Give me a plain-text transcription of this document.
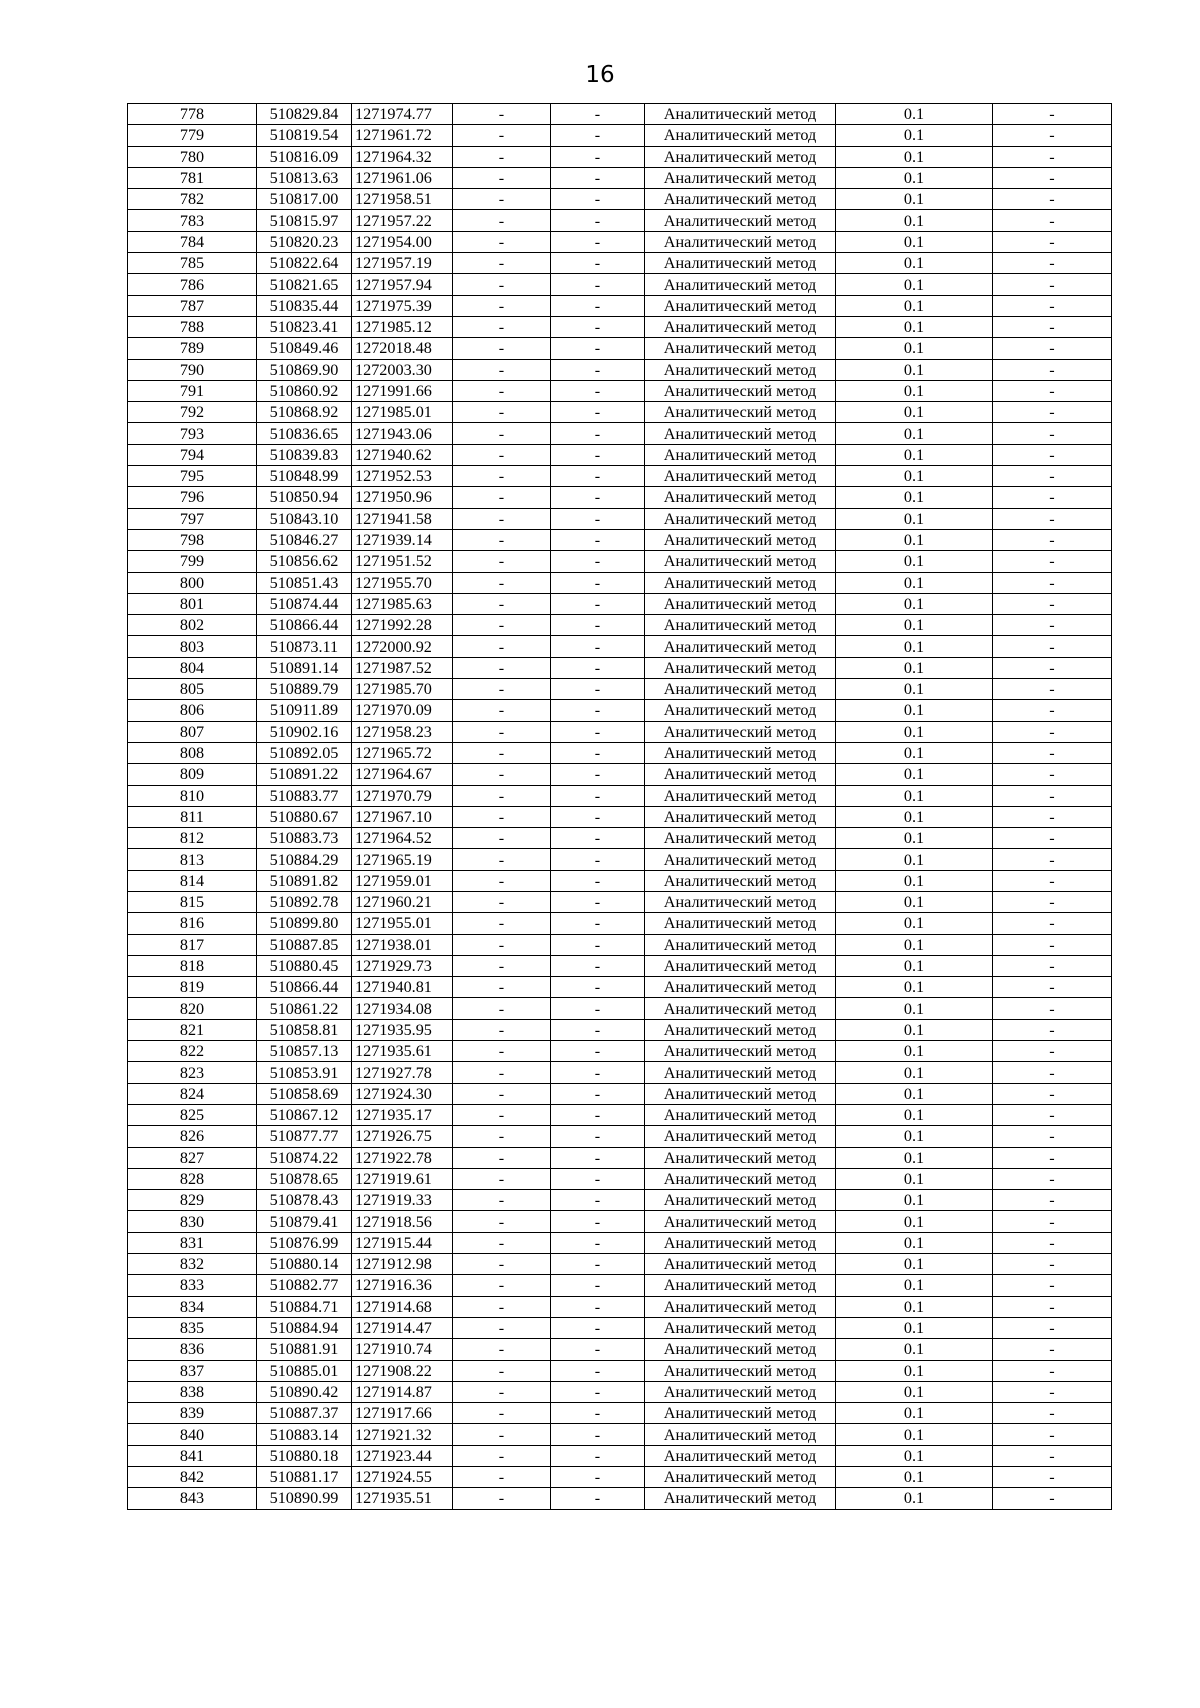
16
778	510829.84	1271974.77	-	-	Аналитический метод	0.1	-
779	510819.54	1271961.72	-	-	Аналитический метод	0.1	-
780	510816.09	1271964.32	-	-	Аналитический метод	0.1	-
781	510813.63	1271961.06	-	-	Аналитический метод	0.1	-
782	510817.00	1271958.51	-	-	Аналитический метод	0.1	-
783	510815.97	1271957.22	-	-	Аналитический метод	0.1	-
784	510820.23	1271954.00	-	-	Аналитический метод	0.1	-
785	510822.64	1271957.19	-	-	Аналитический метод	0.1	-
786	510821.65	1271957.94	-	-	Аналитический метод	0.1	-
787	510835.44	1271975.39	-	-	Аналитический метод	0.1	-
788	510823.41	1271985.12	-	-	Аналитический метод	0.1	-
789	510849.46	1272018.48	-	-	Аналитический метод	0.1	-
790	510869.90	1272003.30	-	-	Аналитический метод	0.1	-
791	510860.92	1271991.66	-	-	Аналитический метод	0.1	-
792	510868.92	1271985.01	-	-	Аналитический метод	0.1	-
793	510836.65	1271943.06	-	-	Аналитический метод	0.1	-
794	510839.83	1271940.62	-	-	Аналитический метод	0.1	-
795	510848.99	1271952.53	-	-	Аналитический метод	0.1	-
796	510850.94	1271950.96	-	-	Аналитический метод	0.1	-
797	510843.10	1271941.58	-	-	Аналитический метод	0.1	-
798	510846.27	1271939.14	-	-	Аналитический метод	0.1	-
799	510856.62	1271951.52	-	-	Аналитический метод	0.1	-
800	510851.43	1271955.70	-	-	Аналитический метод	0.1	-
801	510874.44	1271985.63	-	-	Аналитический метод	0.1	-
802	510866.44	1271992.28	-	-	Аналитический метод	0.1	-
803	510873.11	1272000.92	-	-	Аналитический метод	0.1	-
804	510891.14	1271987.52	-	-	Аналитический метод	0.1	-
805	510889.79	1271985.70	-	-	Аналитический метод	0.1	-
806	510911.89	1271970.09	-	-	Аналитический метод	0.1	-
807	510902.16	1271958.23	-	-	Аналитический метод	0.1	-
808	510892.05	1271965.72	-	-	Аналитический метод	0.1	-
809	510891.22	1271964.67	-	-	Аналитический метод	0.1	-
810	510883.77	1271970.79	-	-	Аналитический метод	0.1	-
811	510880.67	1271967.10	-	-	Аналитический метод	0.1	-
812	510883.73	1271964.52	-	-	Аналитический метод	0.1	-
813	510884.29	1271965.19	-	-	Аналитический метод	0.1	-
814	510891.82	1271959.01	-	-	Аналитический метод	0.1	-
815	510892.78	1271960.21	-	-	Аналитический метод	0.1	-
816	510899.80	1271955.01	-	-	Аналитический метод	0.1	-
817	510887.85	1271938.01	-	-	Аналитический метод	0.1	-
818	510880.45	1271929.73	-	-	Аналитический метод	0.1	-
819	510866.44	1271940.81	-	-	Аналитический метод	0.1	-
820	510861.22	1271934.08	-	-	Аналитический метод	0.1	-
821	510858.81	1271935.95	-	-	Аналитический метод	0.1	-
822	510857.13	1271935.61	-	-	Аналитический метод	0.1	-
823	510853.91	1271927.78	-	-	Аналитический метод	0.1	-
824	510858.69	1271924.30	-	-	Аналитический метод	0.1	-
825	510867.12	1271935.17	-	-	Аналитический метод	0.1	-
826	510877.77	1271926.75	-	-	Аналитический метод	0.1	-
827	510874.22	1271922.78	-	-	Аналитический метод	0.1	-
828	510878.65	1271919.61	-	-	Аналитический метод	0.1	-
829	510878.43	1271919.33	-	-	Аналитический метод	0.1	-
830	510879.41	1271918.56	-	-	Аналитический метод	0.1	-
831	510876.99	1271915.44	-	-	Аналитический метод	0.1	-
832	510880.14	1271912.98	-	-	Аналитический метод	0.1	-
833	510882.77	1271916.36	-	-	Аналитический метод	0.1	-
834	510884.71	1271914.68	-	-	Аналитический метод	0.1	-
835	510884.94	1271914.47	-	-	Аналитический метод	0.1	-
836	510881.91	1271910.74	-	-	Аналитический метод	0.1	-
837	510885.01	1271908.22	-	-	Аналитический метод	0.1	-
838	510890.42	1271914.87	-	-	Аналитический метод	0.1	-
839	510887.37	1271917.66	-	-	Аналитический метод	0.1	-
840	510883.14	1271921.32	-	-	Аналитический метод	0.1	-
841	510880.18	1271923.44	-	-	Аналитический метод	0.1	-
842	510881.17	1271924.55	-	-	Аналитический метод	0.1	-
843	510890.99	1271935.51	-	-	Аналитический метод	0.1	-
